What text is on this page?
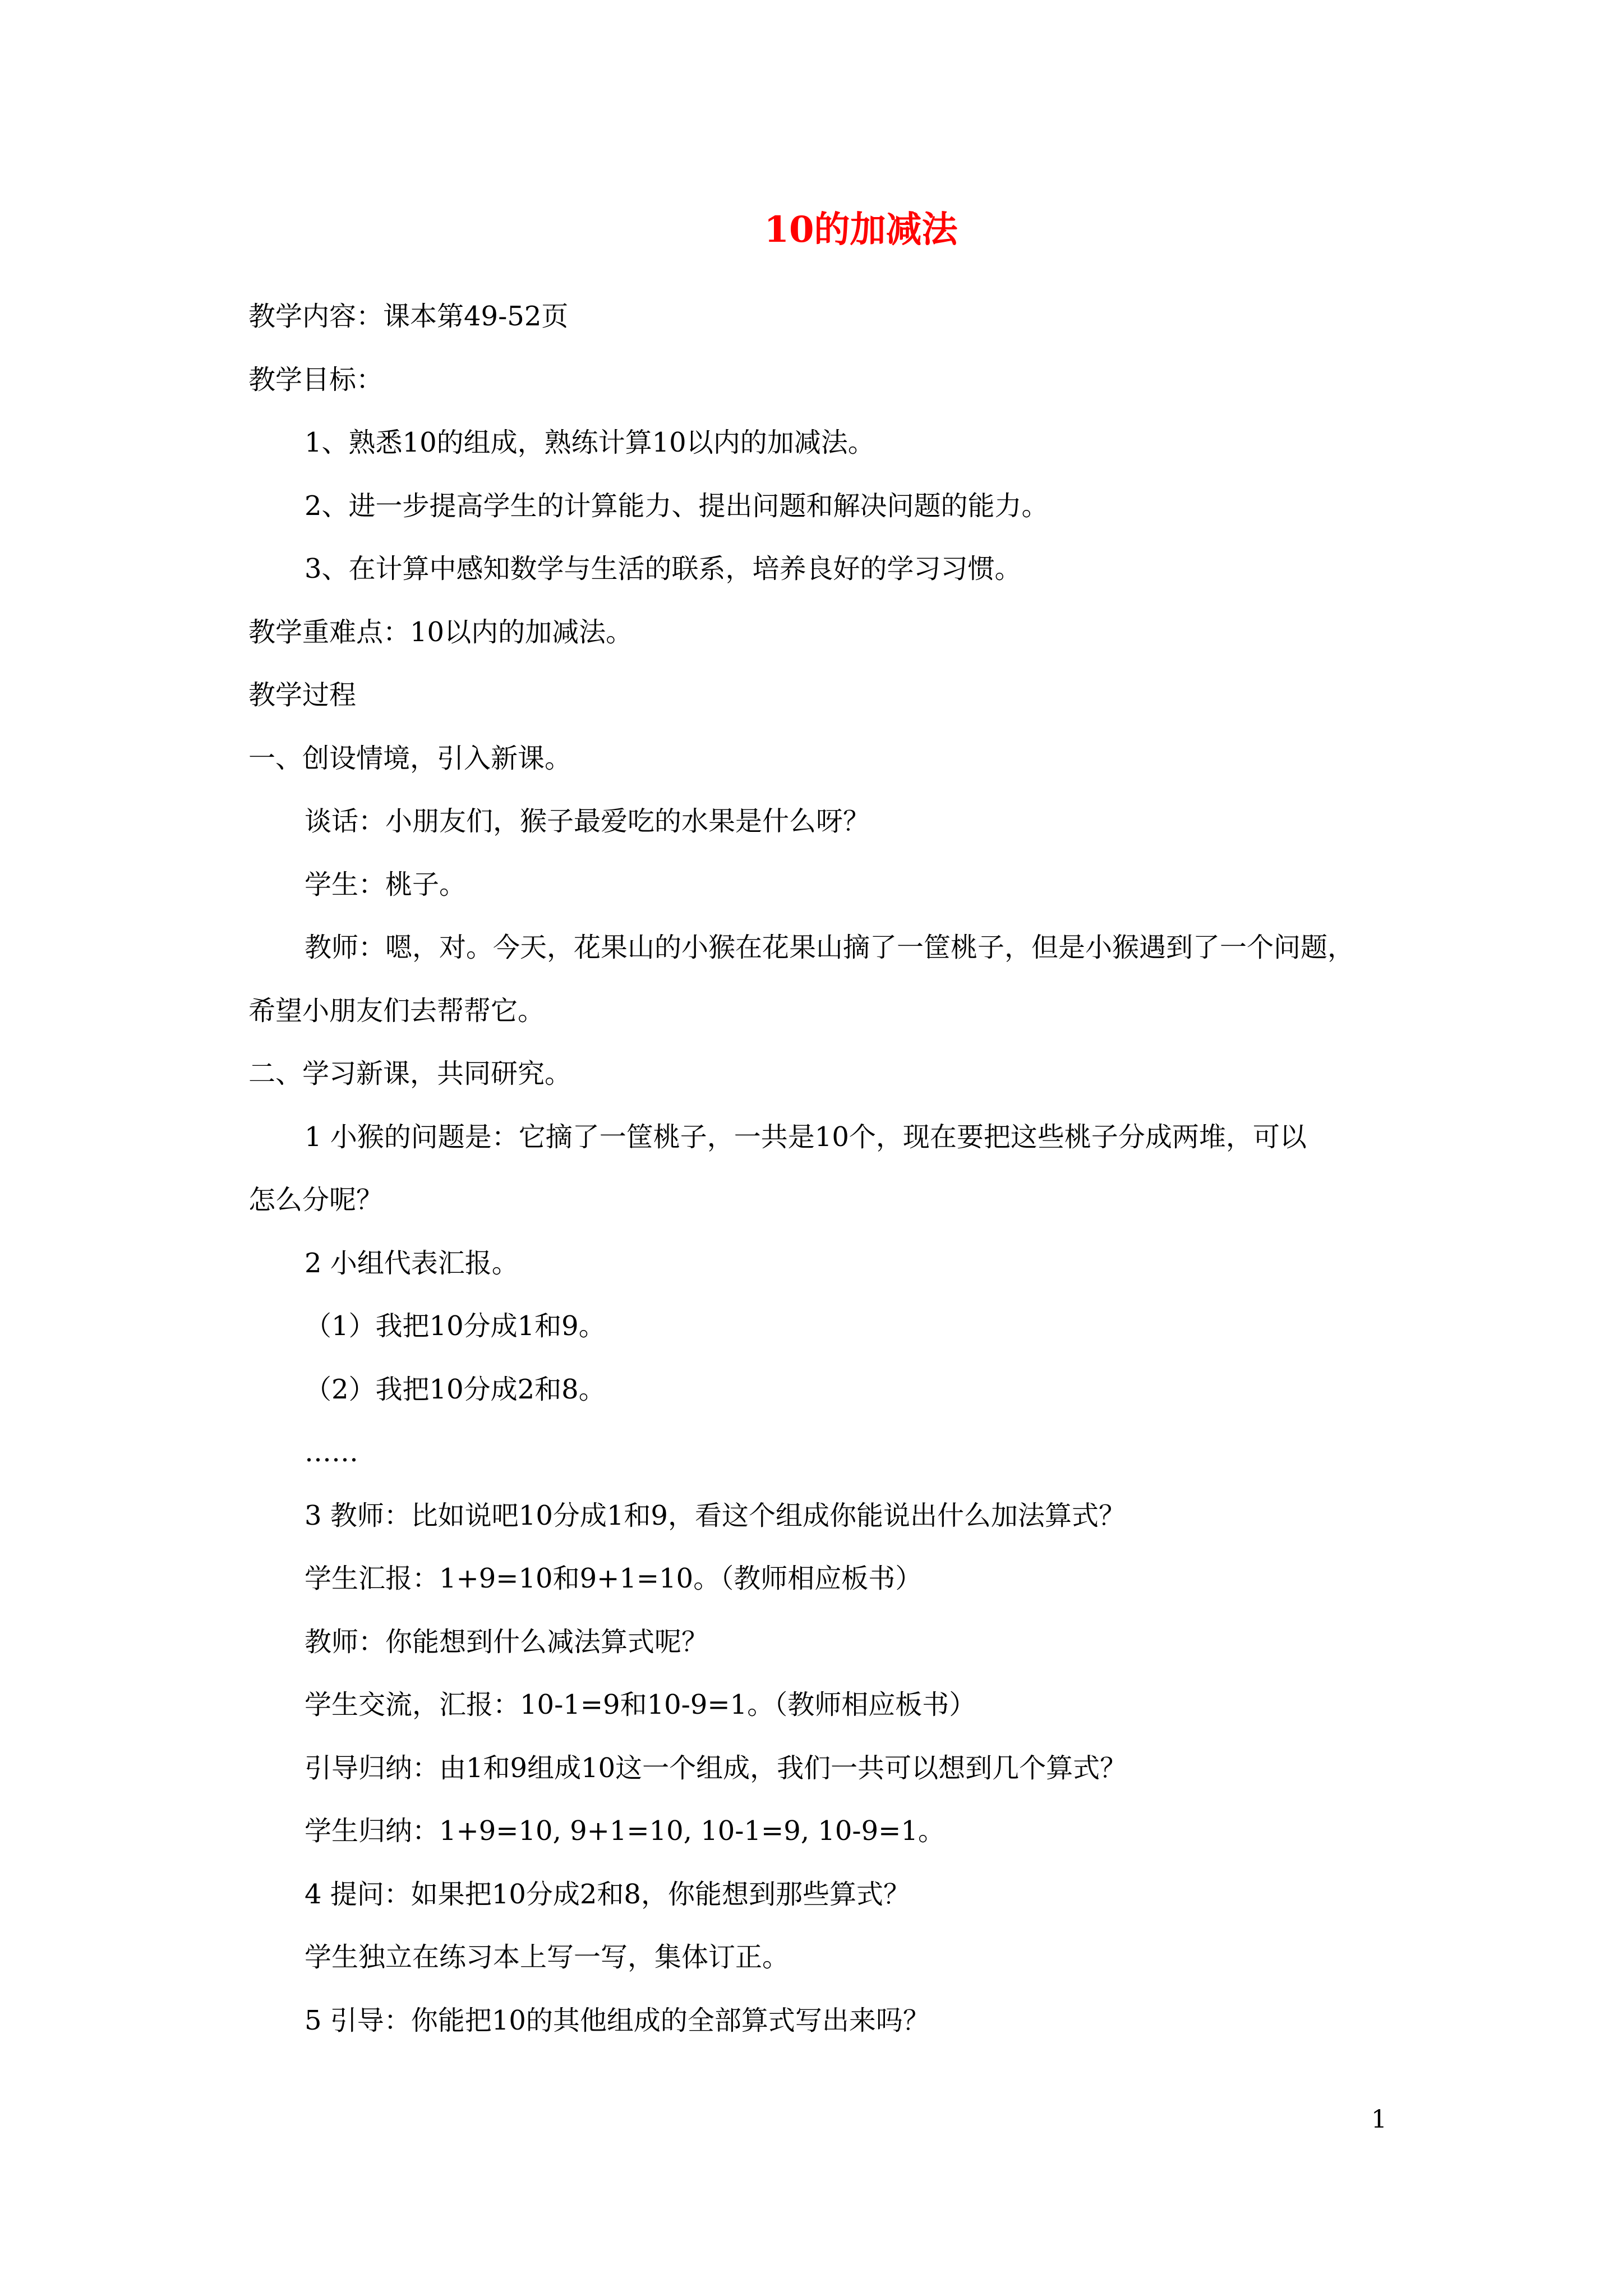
10的加减法
教学内容：课本第49-52页
教学目标：
1、熟悉10的组成，熟练计算10以内的加减法。
2、进一步提高学生的计算能力、提出问题和解决问题的能力。
3、在计算中感知数学与生活的联系，培养良好的学习习惯。
教学重难点：10以内的加减法。
教学过程
一、创设情境，引入新课。
谈话：小朋友们，猴子最爱吃的水果是什么呀？
学生：桃子。
教师：嗯，对。今天，花果山的小猴在花果山摘了一筐桃子，但是小猴遇到了一个问题，
希望小朋友们去帮帮它。
二、学习新课，共同研究。
1 小猴的问题是：它摘了一筐桃子，一共是10个，现在要把这些桃子分成两堆，可以
怎么分呢？
2 小组代表汇报。
（1）我把10分成1和9。
（2）我把10分成2和8。
……
3 教师：比如说吧10分成1和9，看这个组成你能说出什么加法算式？
学生汇报：1+9=10和9+1=10。（教师相应板书）
教师：你能想到什么减法算式呢？
学生交流，汇报：10-1=9和10-9=1。（教师相应板书）
引导归纳：由1和9组成10这一个组成，我们一共可以想到几个算式？
学生归纳：1+9=10, 9+1=10, 10-1=9, 10-9=1。
4 提问：如果把10分成2和8，你能想到那些算式？
学生独立在练习本上写一写，集体订正。
5 引导：你能把10的其他组成的全部算式写出来吗？
1
